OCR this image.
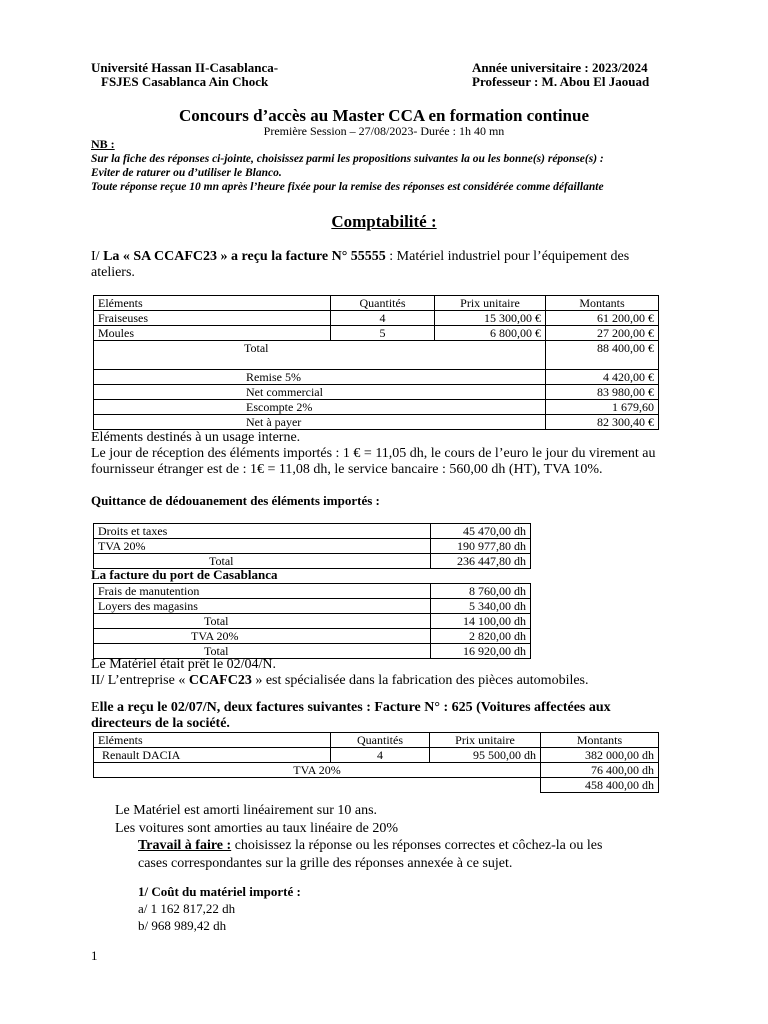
Université Hassan II-Casablanca-
FSJES Casablanca Ain Chock
Année universitaire : 2023/2024
Professeur : M. Abou El Jaouad
Concours d’accès au Master CCA en formation continue
Première Session – 27/08/2023- Durée : 1h 40 mn
NB :
Sur la fiche des réponses ci-jointe, choisissez parmi les propositions suivantes la ou les bonne(s) réponse(s) :
Eviter de raturer ou d’utiliser le Blanco.
Toute réponse reçue 10 mn après l’heure fixée pour la remise des réponses est considérée comme défaillante
Comptabilité :
I/ La « SA CCAFC23 » a reçu la facture N° 55555 : Matériel industriel pour l’équipement des
ateliers.
Eléments	Quantités	Prix unitaire	Montants
Fraiseuses	4	15 300,00 €	61 200,00 €
Moules	5	6 800,00 €	27 200,00 €
Total			88 400,00 €
Remise 5%			4 420,00 €
Net commercial			83 980,00 €
Escompte 2%			1 679,60
Net à payer			82 300,40 €
Eléments destinés à un usage interne.
Le jour de réception des éléments importés : 1 € = 11,05 dh, le cours de l’euro le jour du virement au
fournisseur étranger est de : 1€ = 11,08 dh, le service bancaire : 560,00 dh (HT), TVA 10%.
Quittance de dédouanement des éléments importés :
Droits et taxes	45 470,00 dh
TVA 20%	190 977,80 dh
Total	236 447,80 dh
La facture du port de Casablanca
Frais de manutention	8 760,00 dh
Loyers des magasins	5 340,00 dh
Total	14 100,00 dh
TVA 20%	2 820,00 dh
Total	16 920,00 dh
Le Matériel était prêt le 02/04/N.
II/ L’entreprise « CCAFC23 » est spécialisée dans la fabrication des pièces automobiles.
Elle a reçu le 02/07/N, deux factures suivantes : Facture N° : 625 (Voitures affectées aux
directeurs de la société.
Eléments	Quantités	Prix unitaire	Montants
Renault DACIA	4	95 500,00 dh	382 000,00 dh
TVA 20%			76 400,00 dh
			458 400,00 dh
Le Matériel est amorti linéairement sur 10 ans.
Les voitures sont amorties au taux linéaire de 20%
Travail à faire : choisissez la réponse ou les réponses correctes et côchez-la ou les
cases correspondantes sur la grille des réponses annexée à ce sujet.
1/ Coût du matériel importé :
a/ 1 162 817,22 dh
b/ 968 989,42 dh
1
